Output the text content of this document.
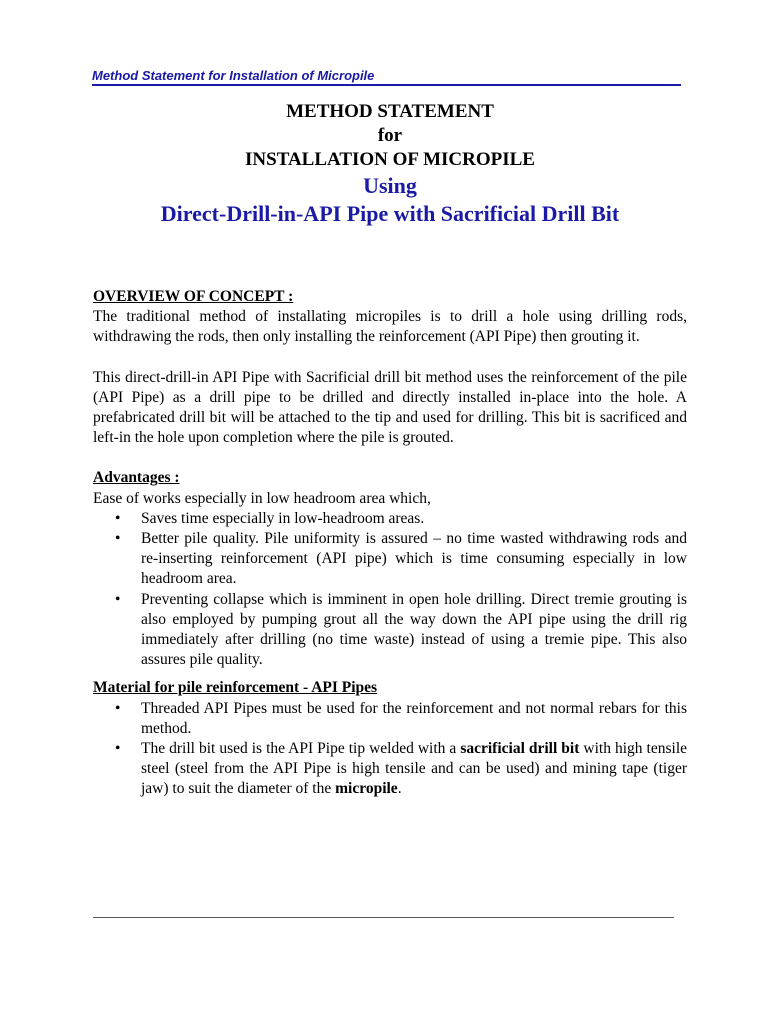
Method Statement for Installation of Micropile
METHOD STATEMENT
for
INSTALLATION OF MICROPILE
Using
Direct-Drill-in-API Pipe with Sacrificial Drill Bit
OVERVIEW OF CONCEPT :

The traditional method of installating micropiles is to drill a hole using drilling rods, withdrawing the rods, then only installing the reinforcement (API Pipe) then grouting it.

This direct-drill-in API Pipe with Sacrificial drill bit method uses the reinforcement of the pile (API Pipe) as a drill pipe to be drilled and directly installed in-place into the hole. A prefabricated drill bit will be attached to the tip and used for drilling. This bit is sacrificed and left-in the hole upon completion where the pile is grouted.

Advantages :

Ease of works especially in low headroom area which,

• Saves time especially in low-headroom areas.
• Better pile quality. Pile uniformity is assured – no time wasted withdrawing rods and re-inserting reinforcement (API pipe) which is time consuming especially in low headroom area.
• Preventing collapse which is imminent in open hole drilling. Direct tremie grouting is also employed by pumping grout all the way down the API pipe using the drill rig immediately after drilling (no time waste) instead of using a tremie pipe. This also assures pile quality.
Material for pile reinforcement - API Pipes
• Threaded API Pipes must be used for the reinforcement and not normal rebars for this method.
• The drill bit used is the API Pipe tip welded with a sacrificial drill bit with high tensile steel (steel from the API Pipe is high tensile and can be used) and mining tape (tiger jaw) to suit the diameter of the micropile.
